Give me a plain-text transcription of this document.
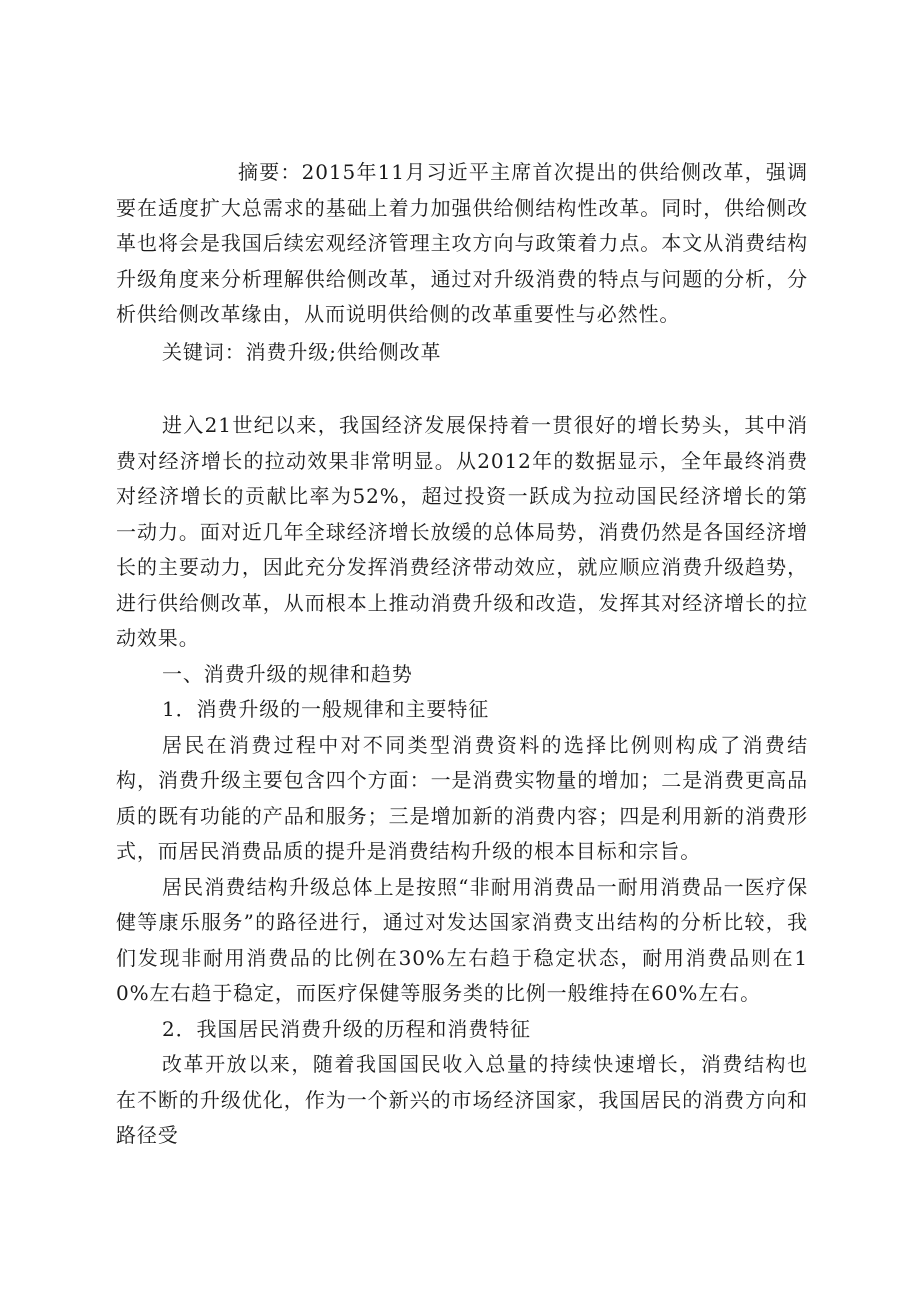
摘要：2015年11月习近平主席首次提出的供给侧改革，强调要在适度扩大总需求的基础上着力加强供给侧结构性改革。同时，供给侧改革也将会是我国后续宏观经济管理主攻方向与政策着力点。本文从消费结构升级角度来分析理解供给侧改革，通过对升级消费的特点与问题的分析，分析供给侧改革缘由，从而说明供给侧的改革重要性与必然性。

关键词：消费升级;供给侧改革

进入21世纪以来，我国经济发展保持着一贯很好的增长势头，其中消费对经济增长的拉动效果非常明显。从2012年的数据显示，全年最终消费对经济增长的贡献比率为52%，超过投资一跃成为拉动国民经济增长的第一动力。面对近几年全球经济增长放缓的总体局势，消费仍然是各国经济增长的主要动力，因此充分发挥消费经济带动效应，就应顺应消费升级趋势，进行供给侧改革，从而根本上推动消费升级和改造，发挥其对经济增长的拉动效果。

一、消费升级的规律和趋势

1．消费升级的一般规律和主要特征

居民在消费过程中对不同类型消费资料的选择比例则构成了消费结构，消费升级主要包含四个方面：一是消费实物量的增加；二是消费更高品质的既有功能的产品和服务；三是增加新的消费内容；四是利用新的消费形式，而居民消费品质的提升是消费结构升级的根本目标和宗旨。

居民消费结构升级总体上是按照“非耐用消费品一耐用消费品一医疗保健等康乐服务”的路径进行，通过对发达国家消费支出结构的分析比较，我们发现非耐用消费品的比例在30%左右趋于稳定状态，耐用消费品则在10%左右趋于稳定，而医疗保健等服务类的比例一般维持在60%左右。

2．我国居民消费升级的历程和消费特征

改革开放以来，随着我国国民收入总量的持续快速增长，消费结构也在不断的升级优化，作为一个新兴的市场经济国家，我国居民的消费方向和路径受
